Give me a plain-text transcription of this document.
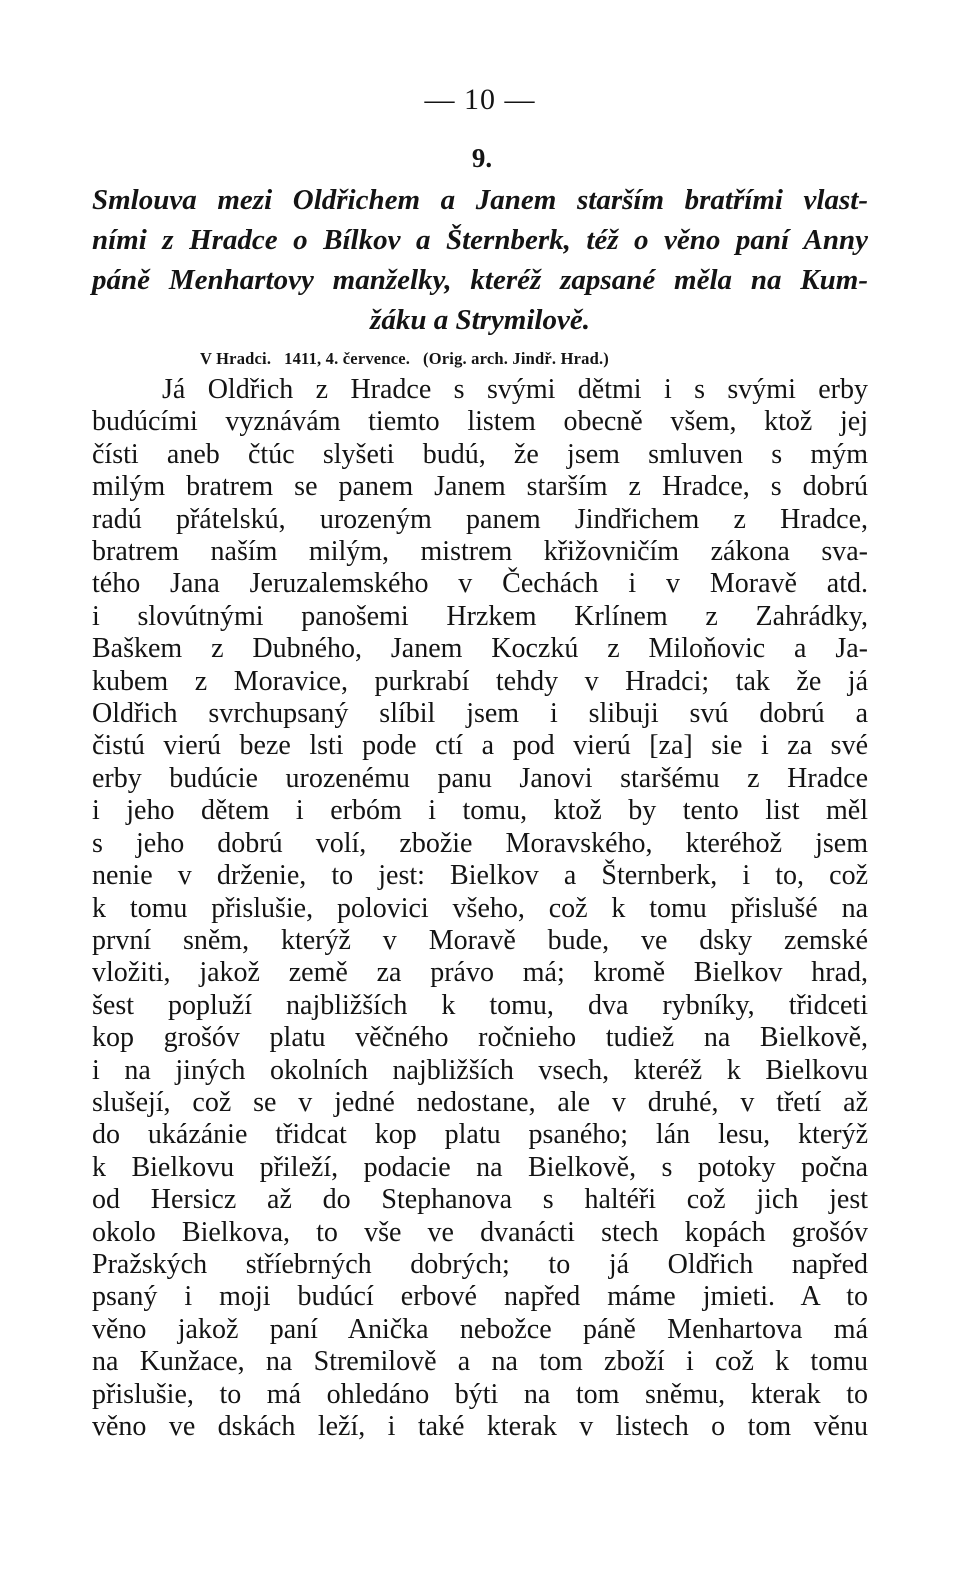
— 10 —
9.
Smlouva mezi Oldřichem a Janem starším bratřími vlast-
ními z Hradce o Bílkov a Šternberk, též o věno paní Anny
páně Menhartovy manželky, kteréž zapsané měla na Kum-
žáku a Strymilově.
V Hradci.   1411, 4. července.   (Orig. arch. Jindř. Hrad.)
Já Oldřich z Hradce s svými dětmi i s svými erby
budúcími vyznávám tiemto listem obecně všem, ktož jej
čísti aneb čtúc slyšeti budú, že jsem smluven s mým
milým bratrem se panem Janem starším z Hradce, s dobrú
radú přátelskú, urozeným panem Jindřichem z Hradce,
bratrem naším milým, mistrem křižovničím zákona sva-
tého Jana Jeruzalemského v Čechách i v Moravě atd.
i slovútnými panošemi Hrzkem Krlínem z Zahrádky,
Baškem z Dubného, Janem Koczkú z Miloňovic a Ja-
kubem z Moravice, purkrabí tehdy v Hradci; tak že já
Oldřich svrchupsaný slíbil jsem i slibuji svú dobrú a
čistú vierú beze lsti pode ctí a pod vierú [za] sie i za své
erby budúcie urozenému panu Janovi staršému z Hradce
i jeho dětem i erbóm i tomu, ktož by tento list měl
s jeho dobrú volí, zbožie Moravského, kteréhož jsem
nenie v drženie, to jest: Bielkov a Šternberk, i to, což
k tomu přislušie, polovici všeho, což k tomu přislušé na
první sněm, kterýž v Moravě bude, ve dsky zemské
vložiti, jakož země za právo má; kromě Bielkov hrad,
šest popluží najbližších k tomu, dva rybníky, třidceti
kop grošóv platu věčného ročnieho tudiež na Bielkově,
i na jiných okolních najbližších vsech, kteréž k Bielkovu
slušejí, což se v jedné nedostane, ale v druhé, v třetí až
do ukázánie třidcat kop platu psaného; lán lesu, kterýž
k Bielkovu přileží, podacie na Bielkově, s potoky počna
od Hersicz až do Stephanova s haltéři což jich jest
okolo Bielkova, to vše ve dvanácti stech kopách grošóv
Pražských stříebrných dobrých; to já Oldřich napřed
psaný i moji budúcí erbové napřed máme jmieti. A to
věno jakož paní Anička nebožce páně Menhartova má
na Kunžace, na Stremilově a na tom zboží i což k tomu
přislušie, to má ohledáno býti na tom sněmu, kterak to
věno ve dskách leží, i také kterak v listech o tom věnu
